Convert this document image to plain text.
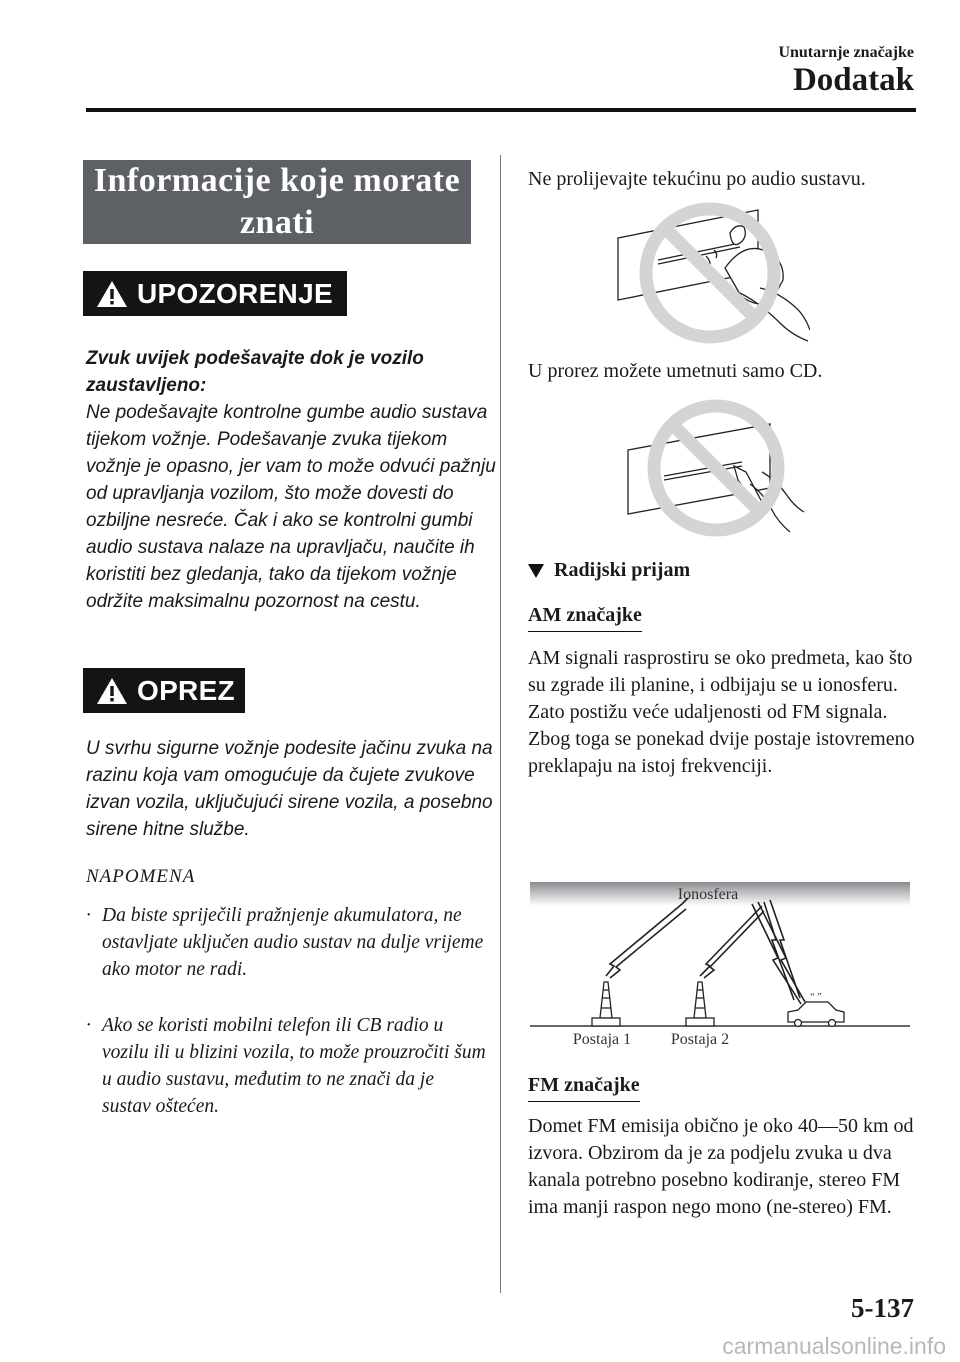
Unutarnje značajke
Dodatak
Informacije koje morate
znati
UPOZORENJE
Zvuk uvijek podešavajte dok je vozilo zaustavljeno:
Ne podešavajte kontrolne gumbe audio sustava tijekom vožnje. Podešavanje zvuka tijekom vožnje je opasno, jer vam to može odvući pažnju od upravljanja vozilom, što može dovesti do ozbiljne nesreće. Čak i ako se kontrolni gumbi audio sustava nalaze na upravljaču, naučite ih koristiti bez gledanja, tako da tijekom vožnje održite maksimalnu pozornost na cestu.
OPREZ
U svrhu sigurne vožnje podesite jačinu zvuka na razinu koja vam omogućuje da čujete zvukove izvan vozila, uključujući sirene vozila, a posebno sirene hitne službe.
NAPOMENA
· Da biste spriječili pražnjenje akumulatora, ne ostavljate uključen audio sustav na dulje vrijeme ako motor ne radi.
· Ako se koristi mobilni telefon ili CB radio u vozilu ili u blizini vozila, to može prouzročiti šum u audio sustavu, međutim to ne znači da je sustav oštećen.
Ne prolijevajte tekućinu po audio sustavu.
U prorez možete umetnuti samo CD.
Radijski prijam
AM značajke
AM signali rasprostiru se oko predmeta, kao što su zgrade ili planine, i odbijaju se u ionosferu. Zato postižu veće udaljenosti od FM signala. Zbog toga se ponekad dvije postaje istovremeno preklapaju na istoj frekvenciji.
Ionosfera
“ ”
Postaja 1 Postaja 2
FM značajke
Domet FM emisija obično je oko 40―50 km od izvora. Obzirom da je za podjelu zvuka u dva kanala potrebno posebno kodiranje, stereo FM ima manji raspon nego mono (ne-stereo) FM.
5-137
carmanualsonline.info
